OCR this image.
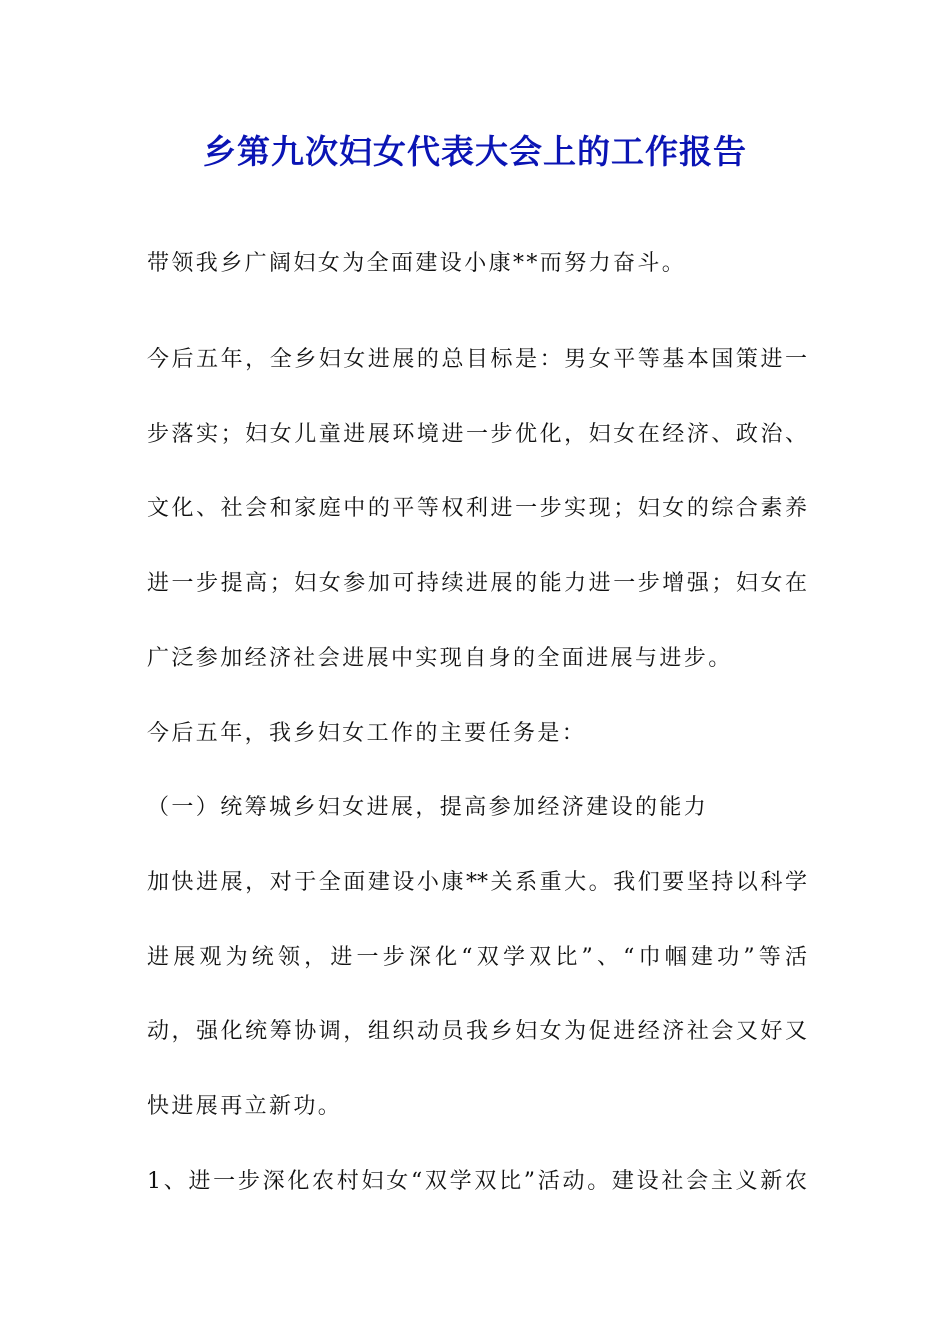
乡第九次妇女代表大会上的工作报告
带领我乡广阔妇女为全面建设小康**而努力奋斗。
今后五年，全乡妇女进展的总目标是：男女平等基本国策进一
步落实；妇女儿童进展环境进一步优化，妇女在经济、政治、
文化、社会和家庭中的平等权利进一步实现；妇女的综合素养
进一步提高；妇女参加可持续进展的能力进一步增强；妇女在
广泛参加经济社会进展中实现自身的全面进展与进步。
今后五年，我乡妇女工作的主要任务是：
（一）统筹城乡妇女进展，提高参加经济建设的能力
加快进展，对于全面建设小康**关系重大。我们要坚持以科学
进展观为统领，进一步深化“双学双比”、“巾帼建功”等活
动，强化统筹协调，组织动员我乡妇女为促进经济社会又好又
快进展再立新功。
1、进一步深化农村妇女“双学双比”活动。建设社会主义新农
